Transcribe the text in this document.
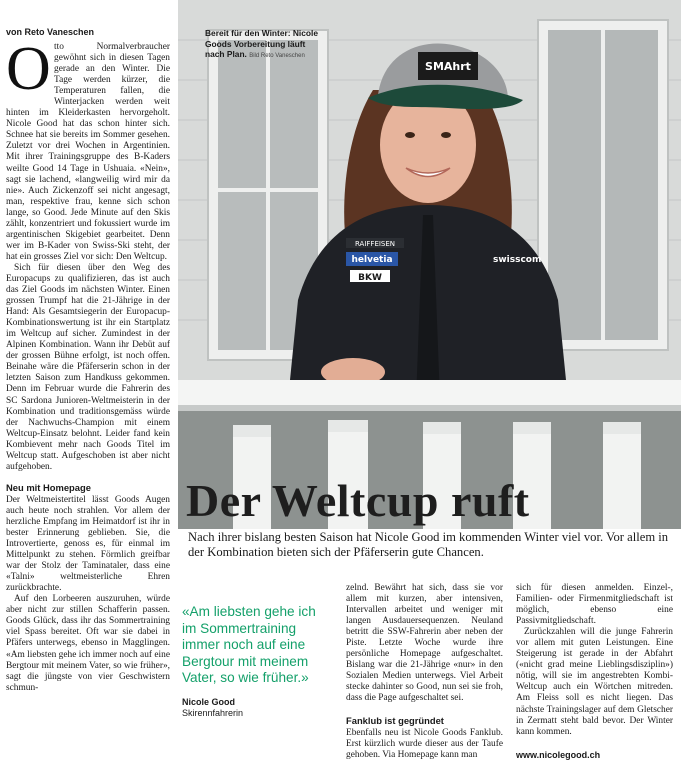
von Reto Vaneschen
O tto Normalverbraucher gewöhnt sich in diesen Tagen gerade an den Winter. Die Tage werden kürzer, die Temperaturen fallen, die Winterjacken werden weit hinten im Kleiderkasten hervorgeholt. Nicole Good hat das schon hinter sich. Schnee hat sie bereits im Sommer gesehen. Zuletzt vor drei Wochen in Argentinien. Mit ihrer Trainingsgruppe des B-Kaders weilte Good 14 Tage in Ushuaia. «Nein», sagt sie lachend, «langweilig wird mir da nie». Auch Zickenzoff sei nicht angesagt, man, respektive frau, kenne sich schon lange, so Good. Jede Minute auf den Skis zählt, konzentriert und fokussiert wurde im argentinischen Skigebiet gearbeitet. Denn wer im B-Kader von Swiss-Ski steht, der hat ein grosses Ziel vor sich: Den Weltcup.

Sich für diesen über den Weg des Europacups zu qualifizieren, das ist auch das Ziel Goods im nächsten Winter. Einen grossen Trumpf hat die 21-Jährige in der Hand: Als Gesamtsiegerin der Europacup-Kombinationswertung ist ihr ein Startplatz im Weltcup auf sicher. Zumindest in der Alpinen Kombination. Wann ihr Debüt auf der grossen Bühne erfolgt, ist noch offen. Beinahe wäre die Pfäferserin schon in der letzten Saison zum Handkuss gekommen. Denn im Februar wurde die Fahrerin des SC Sardona Junioren-Weltmeisterin in der Kombination und traditionsgemäss würde der Nachwuchs-Champion mit einem Weltcup-Einsatz belohnt. Leider fand kein Kombievent mehr nach Goods Titel im Weltcup statt. Aufgeschoben ist aber nicht aufgehoben.

Neu mit Homepage

Der Weltmeistertitel lässt Goods Augen auch heute noch strahlen. Vor allem der herzliche Empfang im Heimatdorf ist ihr in bester Erinnerung geblieben. Sie, die Introvertierte, genoss es, für einmal im Mittelpunkt zu stehen. Förmlich greifbar war der Stolz der Taminataler, dass eine «Talni» weltmeisterliche Ehren zurückbrachte.

Auf den Lorbeeren auszuruhen, würde aber nicht zur stillen Schafferin passen. Goods Glück, dass ihr das Sommertraining viel Spass bereitet. Oft war sie dabei in Pfäfers unterwegs, ebenso in Magglingen. «Am liebsten gehe ich immer noch auf eine Bergtour mit meinem Vater, so wie früher», sagt die jüngste von vier Geschwistern schmun-

RAIFFEISEN
helvetia
BKW
swisscom
SMAhrt
Bereit für den Winter: Nicole Goods Vorbereitung läuft nach Plan. Bild Reto Vaneschen
Der Weltcup ruft
Nach ihrer bislang besten Saison hat Nicole Good im kommenden Winter viel vor. Vor allem in der Kombination bieten sich der Pfäferserin gute Chancen.
«Am liebsten gehe ich im Sommertraining immer noch auf eine Bergtour mit meinem Vater, so wie früher.»
Nicole Good
Skirennfahrerin

zelnd. Bewährt hat sich, dass sie vor allem mit kurzen, aber intensiven, Intervallen arbeitet und weniger mit langen Ausdauersequenzen. Neuland betritt die SSW-Fahrerin aber neben der Piste. Letzte Woche wurde ihre persönliche Homepage aufgeschaltet. Bislang war die 21-Jährige «nur» in den Sozialen Medien unterwegs. Viel Arbeit stecke dahinter so Good, nun sei sie froh, dass die Page aufgeschaltet sei.

Fanklub ist gegründet

Ebenfalls neu ist Nicole Goods Fanklub. Erst kürzlich wurde dieser aus der Taufe gehoben. Via Homepage kann man

sich für diesen anmelden. Einzel-, Familien- oder Firmenmitgliedschaft ist möglich, ebenso eine Passivmitgliedschaft.

Zurückzahlen will die junge Fahrerin vor allem mit guten Leistungen. Eine Steigerung ist gerade in der Abfahrt («nicht grad meine Lieblingsdisziplin») nötig, will sie im angestrebten Kombi-Weltcup auch ein Wörtchen mitreden. Am Fleiss soll es nicht liegen. Das nächste Trainingslager auf dem Gletscher in Zermatt steht bald bevor. Der Winter kann kommen.

www.nicolegood.ch
